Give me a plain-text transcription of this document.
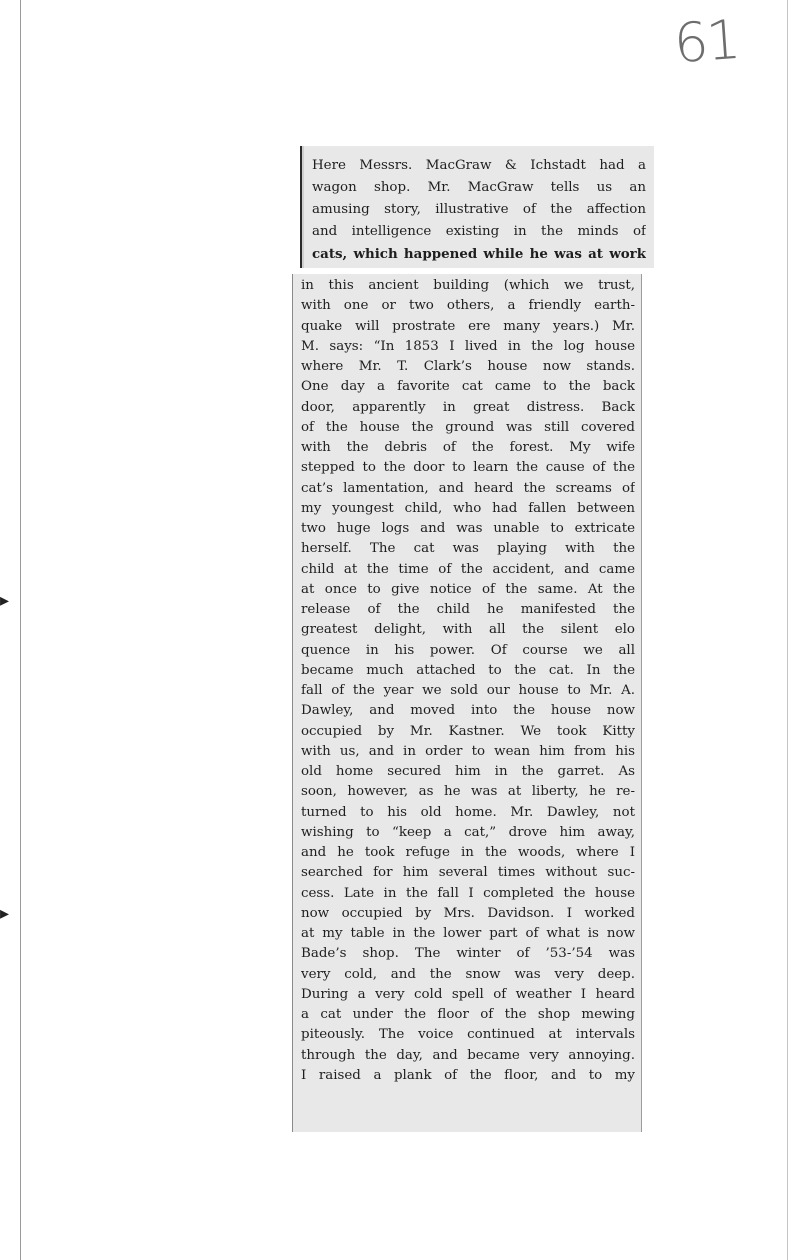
61
▸
▸
Here Messrs. MacGraw & Ichstadt had a
wagon shop. Mr. MacGraw tells us an
amusing story, illustrative of the affection
and intelligence existing in the minds of
cats, which happened while he was at work
in this ancient building (which we trust,
with one or two others, a friendly earth-
quake will prostrate ere many years.) Mr.
M. says: “In 1853 I lived in the log house
where Mr. T. Clark’s house now stands.
One day a favorite cat came to the back
door, apparently in great distress. Back
of the house the ground was still covered
with the debris of the forest. My wife
stepped to the door to learn the cause of the
cat’s lamentation, and heard the screams of
my youngest child, who had fallen between
two huge logs and was unable to extricate
herself. The cat was playing with the
child at the time of the accident, and came
at once to give notice of the same. At the
release of the child he manifested the
greatest delight, with all the silent elo
quence in his power. Of course we all
became much attached to the cat. In the
fall of the year we sold our house to Mr. A.
Dawley, and moved into the house now
occupied by Mr. Kastner. We took Kitty
with us, and in order to wean him from his
old home secured him in the garret. As
soon, however, as he was at liberty, he re-
turned to his old home. Mr. Dawley, not
wishing to “keep a cat,” drove him away,
and he took refuge in the woods, where I
searched for him several times without suc-
cess. Late in the fall I completed the house
now occupied by Mrs. Davidson. I worked
at my table in the lower part of what is now
Bade’s shop. The winter of ’53-’54 was
very cold, and the snow was very deep.
During a very cold spell of weather I heard
a cat under the floor of the shop mewing
piteously. The voice continued at intervals
through the day, and became very annoying.
I raised a plank of the floor, and to my
